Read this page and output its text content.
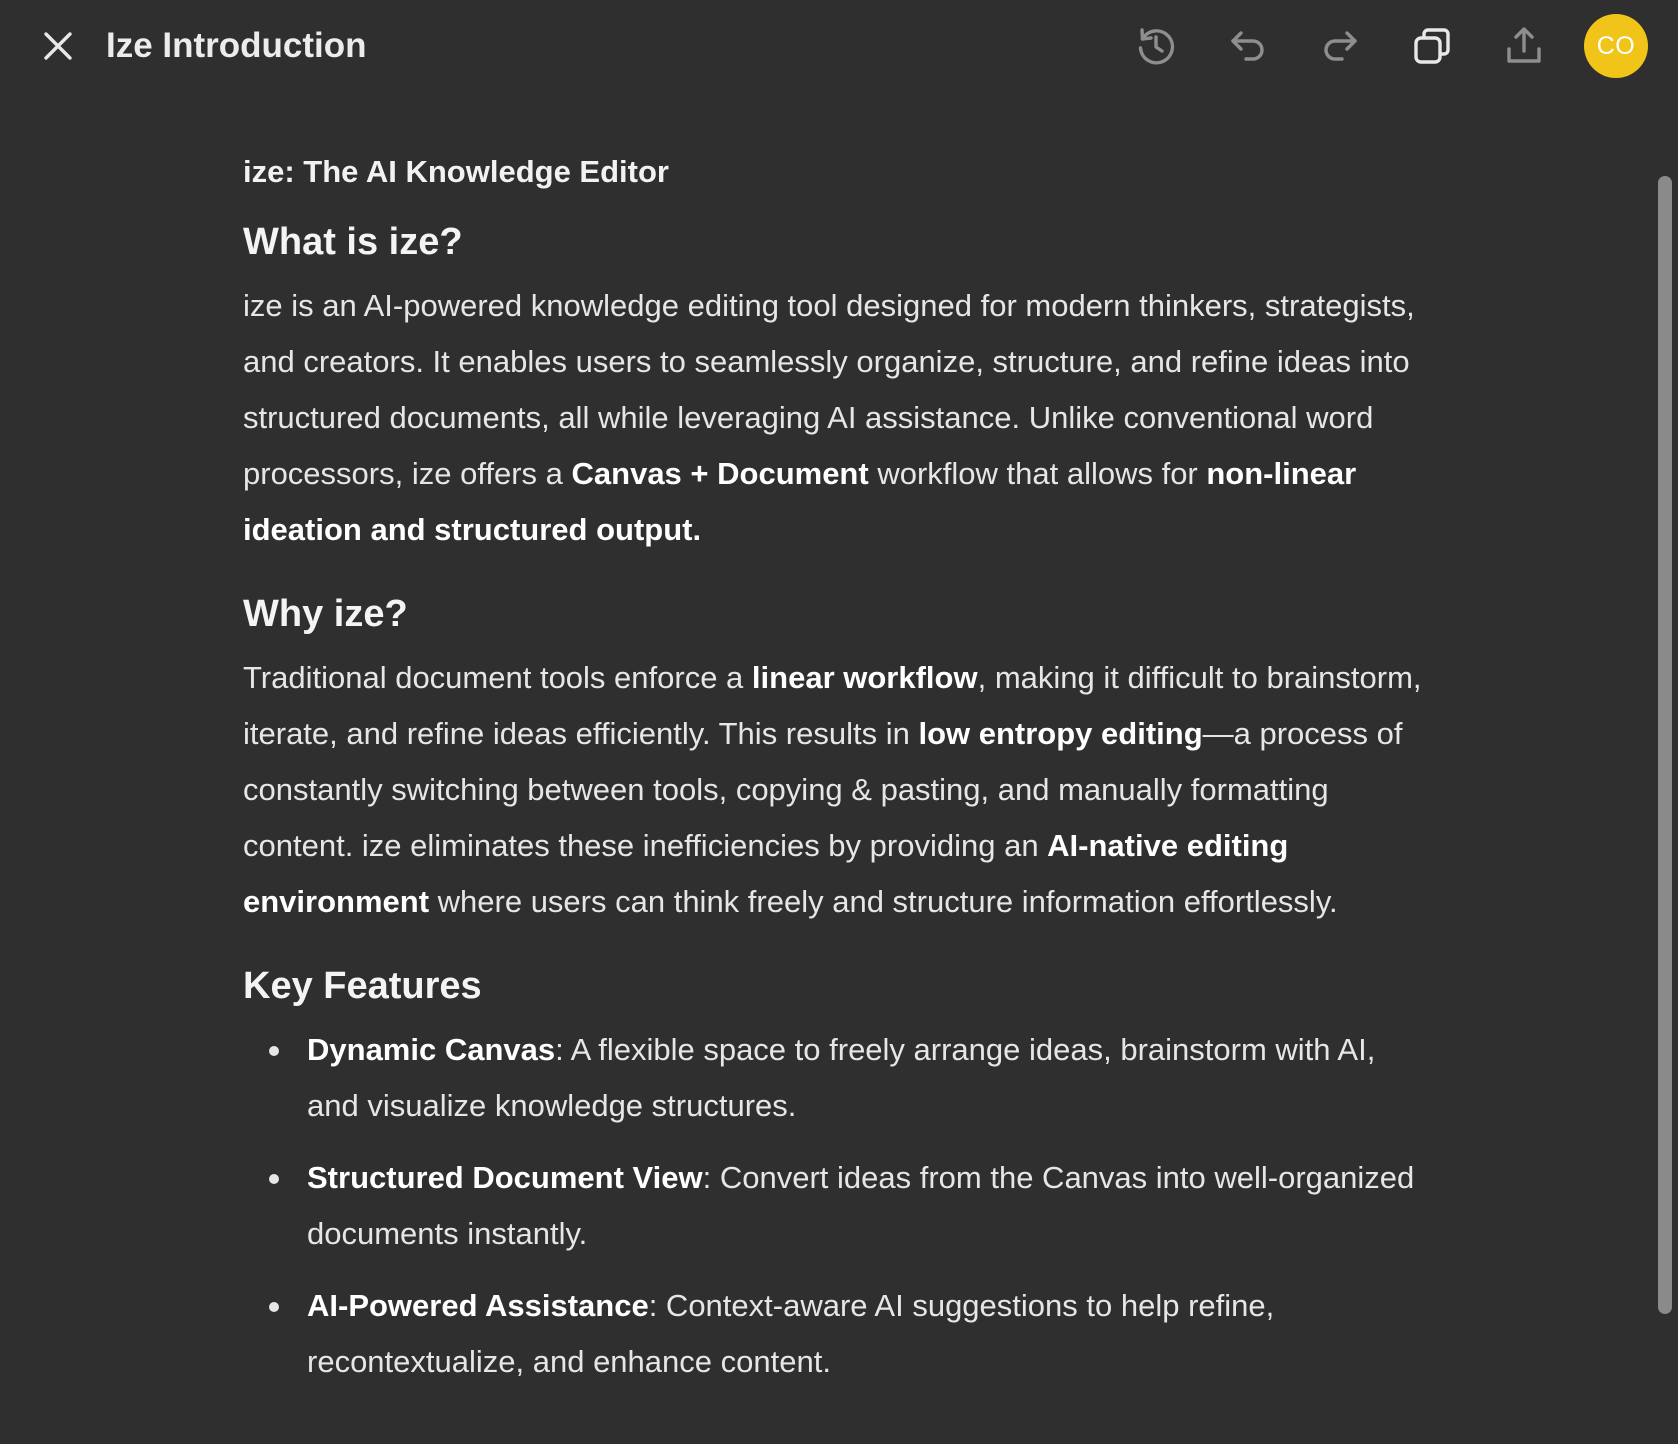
Ize Introduction	CO
ize: The AI Knowledge Editor
What is ize?

ize is an AI-powered knowledge editing tool designed for modern thinkers, strategists, and creators. It enables users to seamlessly organize, structure, and refine ideas into structured documents, all while leveraging AI assistance. Unlike conventional word processors, ize offers a Canvas + Document workflow that allows for non-linear ideation and structured output.

Why ize?

Traditional document tools enforce a linear workflow, making it difficult to brainstorm, iterate, and refine ideas efficiently. This results in low entropy editing—a process of constantly switching between tools, copying & pasting, and manually formatting content. ize eliminates these inefficiencies by providing an AI-native editing environment where users can think freely and structure information effortlessly.

Key Features
Dynamic Canvas: A flexible space to freely arrange ideas, brainstorm with AI, and visualize knowledge structures.
Structured Document View: Convert ideas from the Canvas into well-organized documents instantly.
AI-Powered Assistance: Context-aware AI suggestions to help refine, recontextualize, and enhance content.
